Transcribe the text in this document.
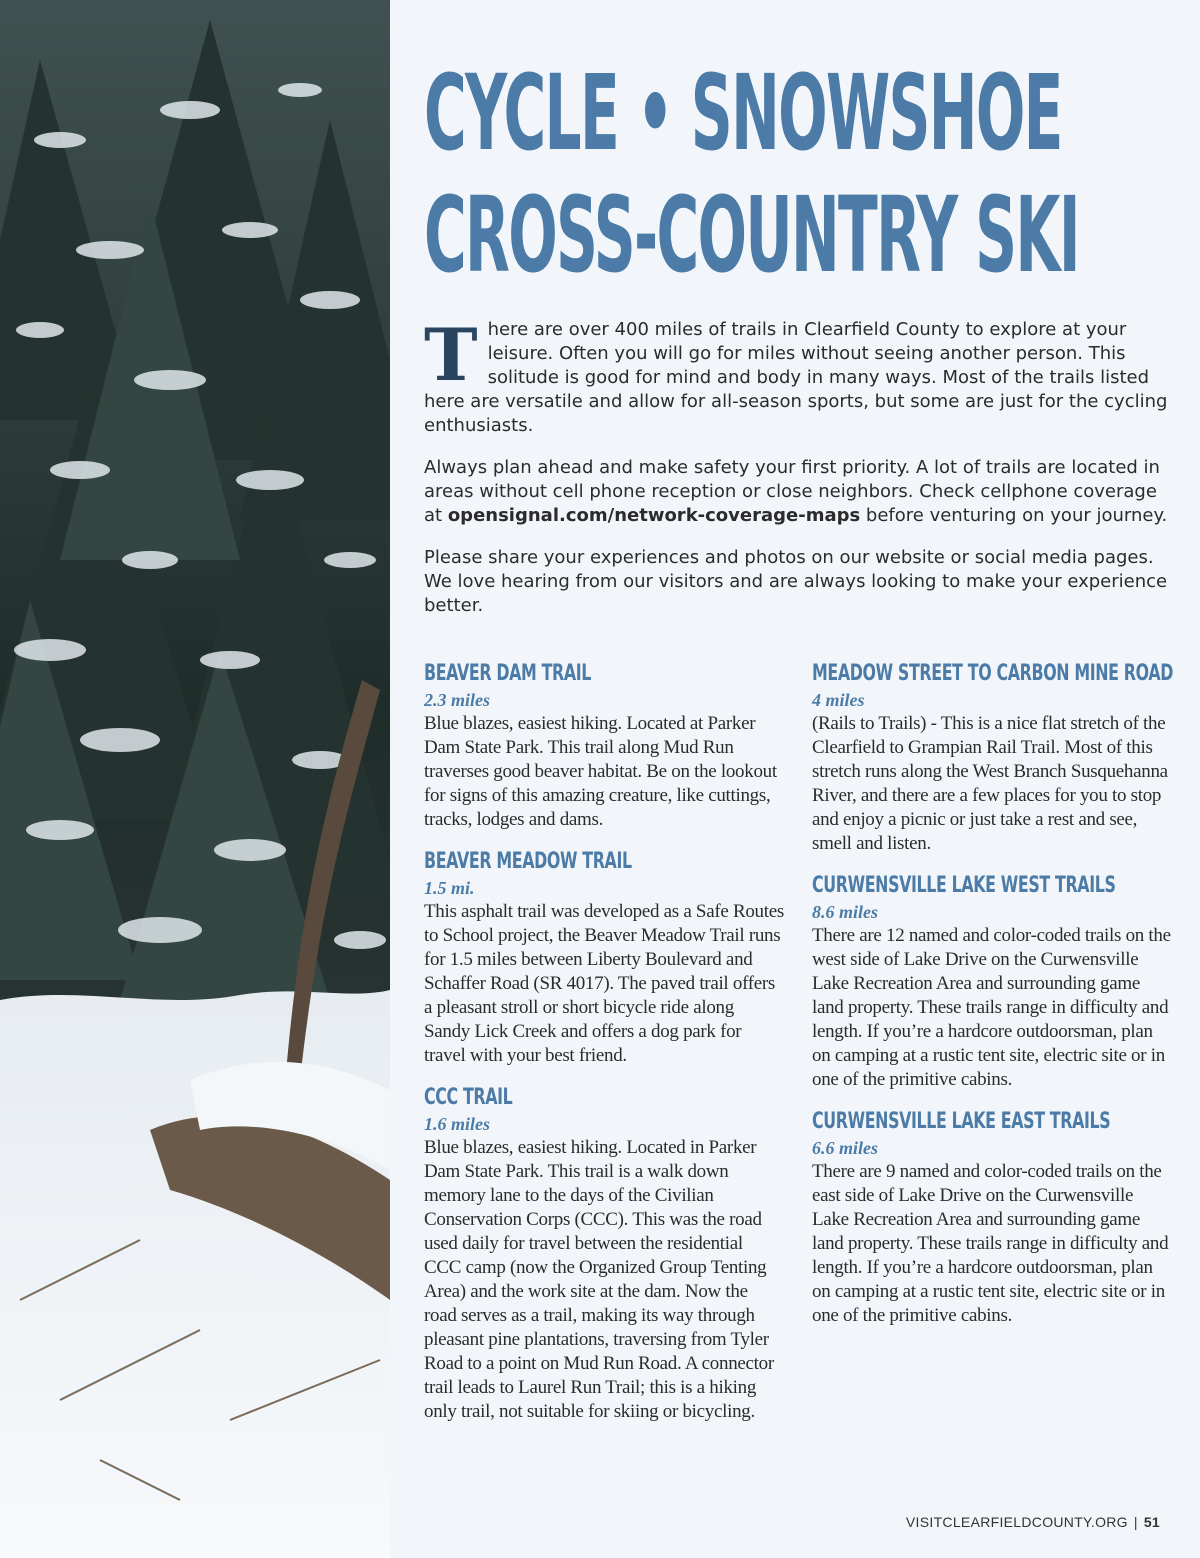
CYCLE • SNOWSHOE
CROSS-COUNTRY SKI

There are over 400 miles of trails in Clearfield County to explore at your leisure. Often you will go for miles without seeing another person. This solitude is good for mind and body in many ways. Most of the trails listed here are versatile and allow for all-season sports, but some are just for the cycling enthusiasts.

Always plan ahead and make safety your first priority. A lot of trails are located in areas without cell phone reception or close neighbors. Check cellphone coverage at opensignal.com/network-coverage-maps before venturing on your journey.

Please share your experiences and photos on our website or social media pages. We love hearing from our visitors and are always looking to make your experience better.

BEAVER DAM TRAIL
2.3 miles
Blue blazes, easiest hiking. Located at Parker Dam State Park. This trail along Mud Run traverses good beaver habitat. Be on the lookout for signs of this amazing creature, like cuttings, tracks, lodges and dams.
BEAVER MEADOW TRAIL
1.5 mi.
This asphalt trail was developed as a Safe Routes to School project, the Beaver Meadow Trail runs for 1.5 miles between Liberty Boulevard and Schaffer Road (SR 4017). The paved trail offers a pleasant stroll or short bicycle ride along Sandy Lick Creek and offers a dog park for travel with your best friend.
CCC TRAIL
1.6 miles
Blue blazes, easiest hiking. Located in Parker Dam State Park. This trail is a walk down memory lane to the days of the Civilian Conservation Corps (CCC). This was the road used daily for travel between the residential CCC camp (now the Organized Group Tenting Area) and the work site at the dam. Now the road serves as a trail, making its way through pleasant pine plantations, traversing from Tyler Road to a point on Mud Run Road. A connector trail leads to Laurel Run Trail; this is a hiking only trail, not suitable for skiing or bicycling.
MEADOW STREET TO CARBON MINE ROAD
4 miles
(Rails to Trails) - This is a nice flat stretch of the Clearfield to Grampian Rail Trail. Most of this stretch runs along the West Branch Susquehanna River, and there are a few places for you to stop and enjoy a picnic or just take a rest and see, smell and listen.
CURWENSVILLE LAKE WEST TRAILS
8.6 miles
There are 12 named and color-coded trails on the west side of Lake Drive on the Curwensville Lake Recreation Area and surrounding game land property. These trails range in difficulty and length. If you’re a hardcore outdoorsman, plan on camping at a rustic tent site, electric site or in one of the primitive cabins.
CURWENSVILLE LAKE EAST TRAILS
6.6 miles
There are 9 named and color-coded trails on the east side of Lake Drive on the Curwensville Lake Recreation Area and surrounding game land property. These trails range in difficulty and length. If you’re a hardcore outdoorsman, plan on camping at a rustic tent site, electric site or in one of the primitive cabins.
VISITCLEARFIELDCOUNTY.ORG | 51
